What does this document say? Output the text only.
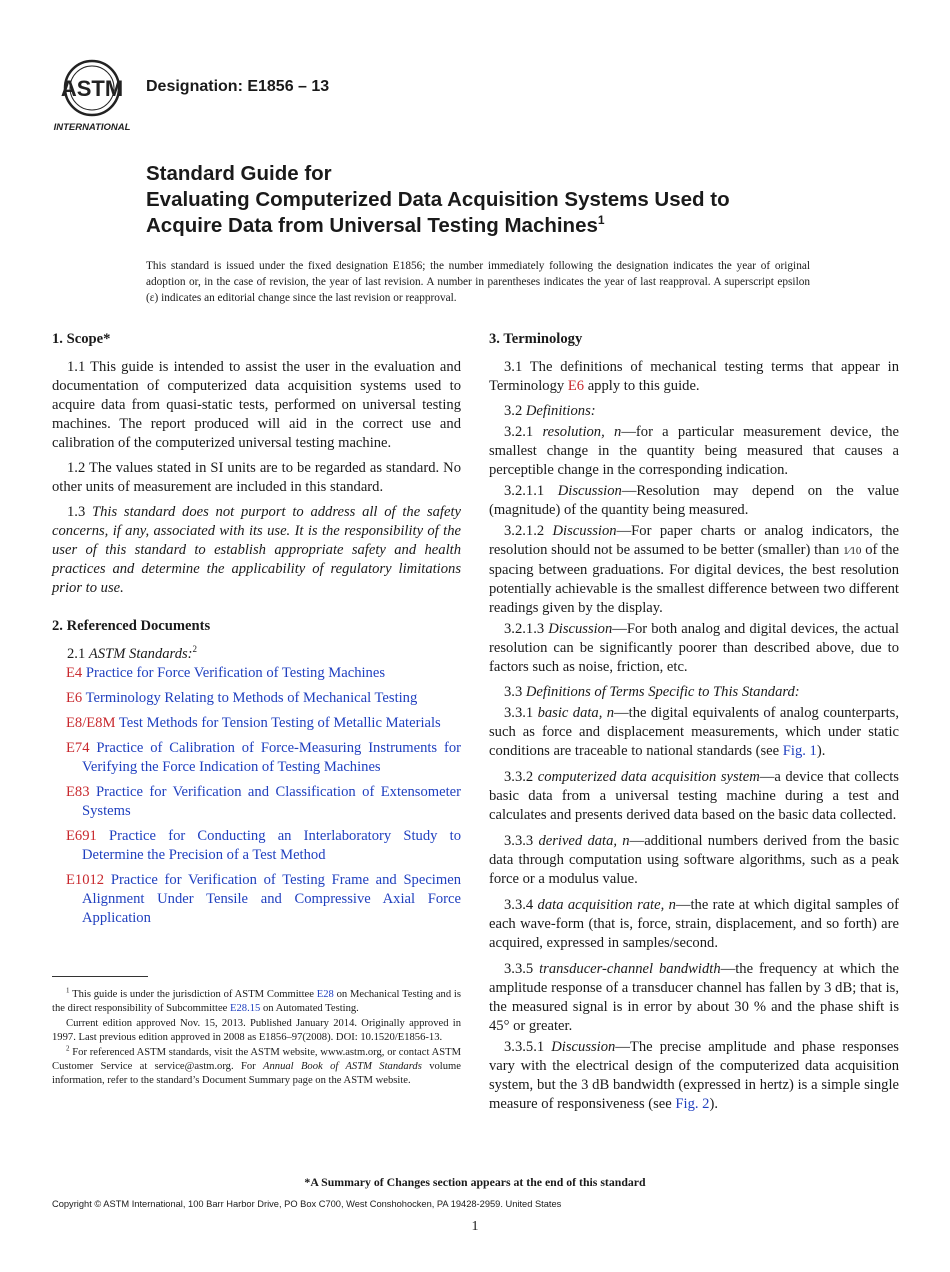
ASTM
INTERNATIONAL
Designation: E1856 – 13
Standard Guide for
Evaluating Computerized Data Acquisition Systems Used to
Acquire Data from Universal Testing Machines$^1$
This standard is issued under the fixed designation E1856; the number immediately following the designation indicates the year of original adoption or, in the case of revision, the year of last revision. A number in parentheses indicates the year of last reapproval. A superscript epsilon (ε) indicates an editorial change since the last revision or reapproval.
1. Scope*

1.1 This guide is intended to assist the user in the evaluation and documentation of computerized data acquisition systems used to acquire data from quasi-static tests, performed on universal testing machines. The report produced will aid in the correct use and calibration of the computerized universal testing machine.

1.2 The values stated in SI units are to be regarded as standard. No other units of measurement are included in this standard.

1.3 This standard does not purport to address all of the safety concerns, if any, associated with its use. It is the responsibility of the user of this standard to establish appropriate safety and health practices and determine the applicability of regulatory limitations prior to use.

2. Referenced Documents

2.1 ASTM Standards:$^2$

E4 Practice for Force Verification of Testing Machines

E6 Terminology Relating to Methods of Mechanical Testing

E8/E8M Test Methods for Tension Testing of Metallic Materials

E74 Practice of Calibration of Force-Measuring Instruments for Verifying the Force Indication of Testing Machines

E83 Practice for Verification and Classification of Extensometer Systems

E691 Practice for Conducting an Interlaboratory Study to Determine the Precision of a Test Method

E1012 Practice for Verification of Testing Frame and Specimen Alignment Under Tensile and Compressive Axial Force Application

$^1$ This guide is under the jurisdiction of ASTM Committee E28 on Mechanical Testing and is the direct responsibility of Subcommittee E28.15 on Automated Testing.

Current edition approved Nov. 15, 2013. Published January 2014. Originally approved in 1997. Last previous edition approved in 2008 as E1856–97(2008). DOI: 10.1520/E1856-13.

$^2$ For referenced ASTM standards, visit the ASTM website, www.astm.org, or contact ASTM Customer Service at service@astm.org. For Annual Book of ASTM Standards volume information, refer to the standard’s Document Summary page on the ASTM website.

3. Terminology

3.1 The definitions of mechanical testing terms that appear in Terminology E6 apply to this guide.

3.2 Definitions:

3.2.1 resolution, n—for a particular measurement device, the smallest change in the quantity being measured that causes a perceptible change in the corresponding indication.

3.2.1.1 Discussion—Resolution may depend on the value (magnitude) of the quantity being measured.

3.2.1.2 Discussion—For paper charts or analog indicators, the resolution should not be assumed to be better (smaller) than 1⁄10 of the spacing between graduations. For digital devices, the best resolution potentially achievable is the smallest difference between two different readings given by the display.

3.2.1.3 Discussion—For both analog and digital devices, the actual resolution can be significantly poorer than described above, due to factors such as noise, friction, etc.

3.3 Definitions of Terms Specific to This Standard:

3.3.1 basic data, n—the digital equivalents of analog counterparts, such as force and displacement measurements, which under static conditions are traceable to national standards (see Fig. 1).

3.3.2 computerized data acquisition system—a device that collects basic data from a universal testing machine during a test and calculates and presents derived data based on the basic data collected.

3.3.3 derived data, n—additional numbers derived from the basic data through computation using software algorithms, such as a peak force or a modulus value.

3.3.4 data acquisition rate, n—the rate at which digital samples of each wave-form (that is, force, strain, displacement, and so forth) are acquired, expressed in samples/second.

3.3.5 transducer-channel bandwidth—the frequency at which the amplitude response of a transducer channel has fallen by 3 dB; that is, the measured signal is in error by about 30 % and the phase shift is 45° or greater.

3.3.5.1 Discussion—The precise amplitude and phase responses vary with the electrical design of the computerized data acquisition system, but the 3 dB bandwidth (expressed in hertz) is a simple single measure of responsiveness (see Fig. 2).

*A Summary of Changes section appears at the end of this standard
Copyright © ASTM International, 100 Barr Harbor Drive, PO Box C700, West Conshohocken, PA 19428-2959. United States
1
